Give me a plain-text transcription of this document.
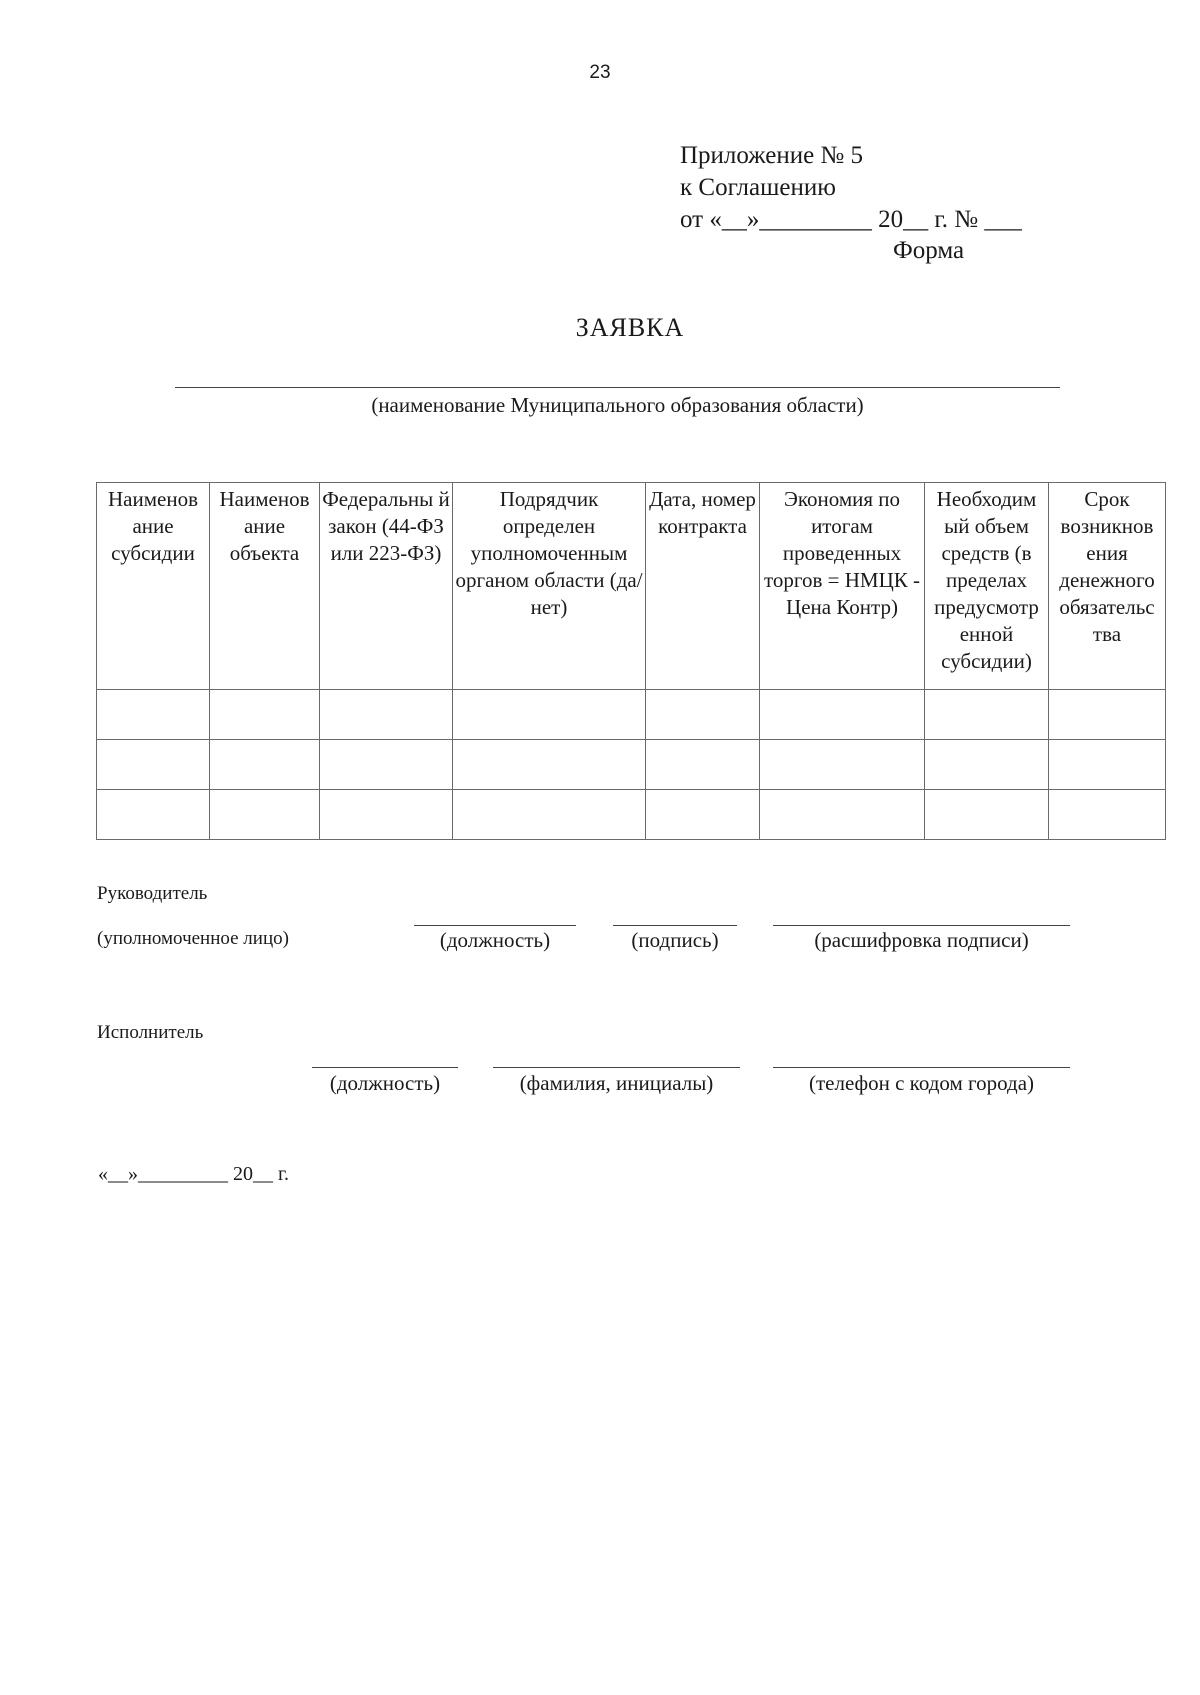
23
Приложение № 5
к Соглашению
от «__»_________ 20__ г. № ___
Форма
ЗАЯВКА
(наименование Муниципального образования области)
Наименов ание субсидии	Наименов ание объекта	Федеральны й закон (44-ФЗ или 223-ФЗ)	Подрядчик определен уполномоченным органом области (да/нет)	Дата, номер контракта	Экономия по итогам проведенных торгов = НМЦК - Цена Контр)	Необходим ый объем средств (в пределах предусмотр енной субсидии)	Срок возникнов ения денежного обязательс тва

Руководитель
(уполномоченное лицо)	(должность)	(подпись)	(расшифровка подписи)
Исполнитель
(должность)	(фамилия, инициалы)	(телефон с кодом города)
«__»_________ 20__ г.
